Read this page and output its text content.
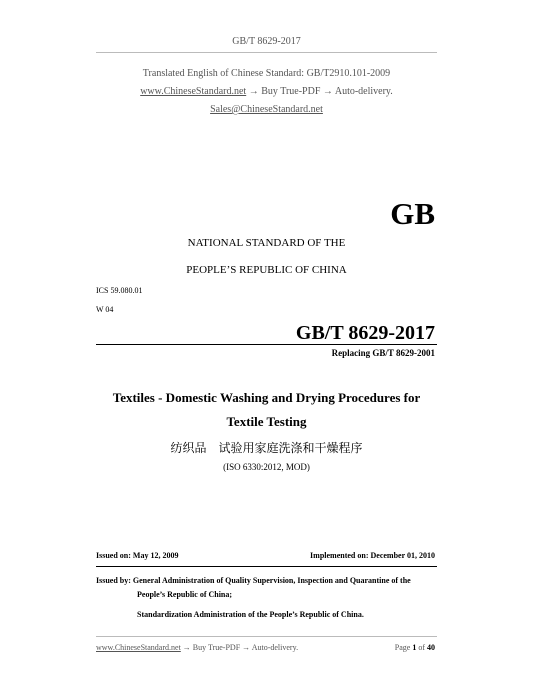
GB/T 8629-2017
Translated English of Chinese Standard: GB/T2910.101-2009
www.ChineseStandard.net → Buy True-PDF → Auto-delivery.
Sales@ChineseStandard.net
GB
NATIONAL STANDARD OF THE
PEOPLE’S REPUBLIC OF CHINA
ICS 59.080.01
W 04
GB/T 8629-2017
Replacing GB/T 8629-2001
Textiles - Domestic Washing and Drying Procedures for
Textile Testing
纺织品　试验用家庭洗涤和干燥程序
(ISO 6330:2012, MOD)
Issued on: May 12, 2009	Implemented on: December 01, 2010
Issued by: General Administration of Quality Supervision, Inspection and Quarantine of the
People’s Republic of China;
Standardization Administration of the People’s Republic of China.
www.ChineseStandard.net → Buy True-PDF → Auto-delivery.	Page 1 of 40
